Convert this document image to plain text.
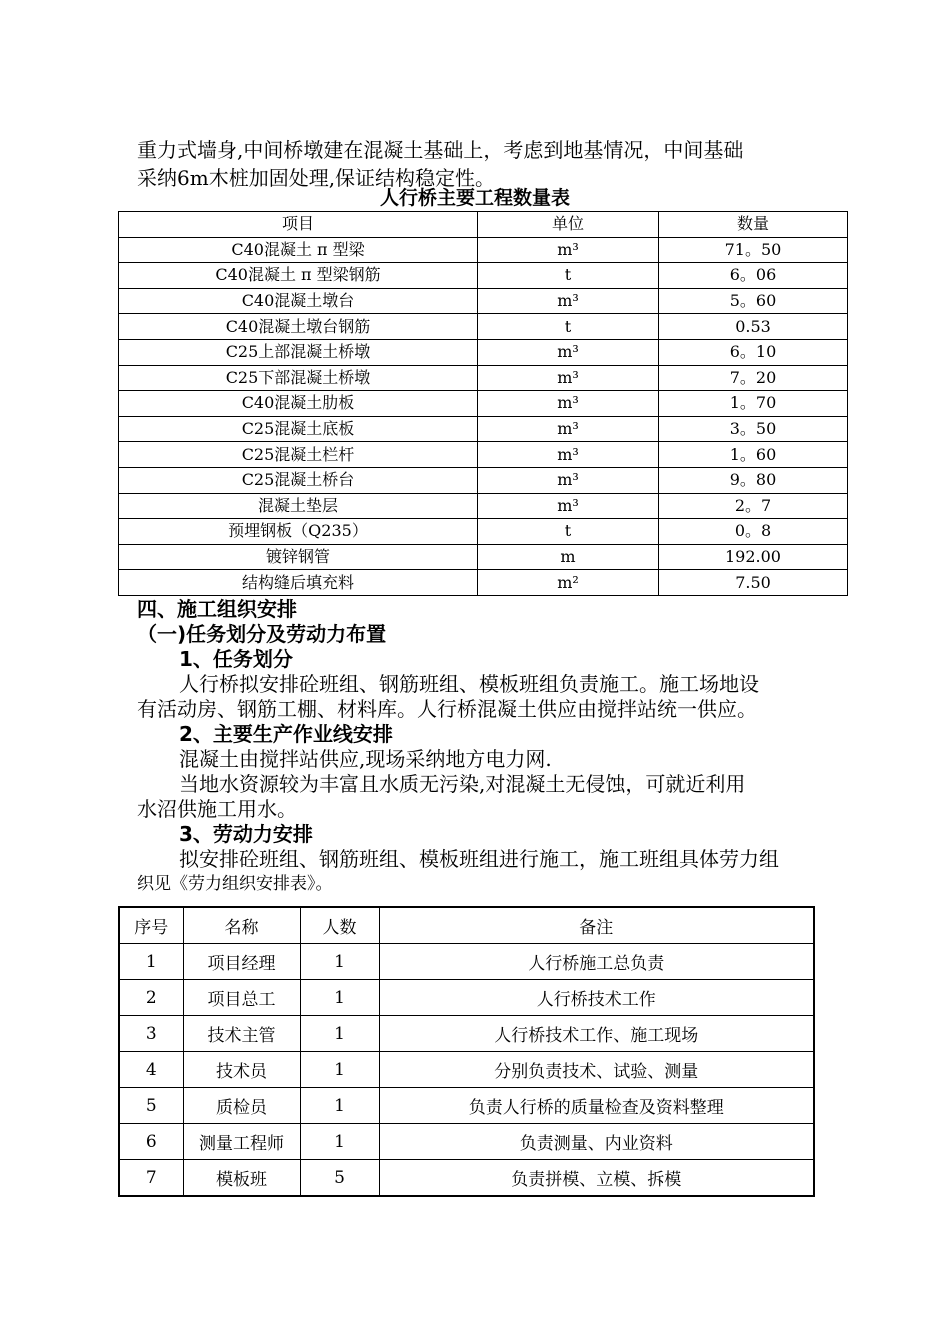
重力式墙身,中间桥墩建在混凝土基础上，考虑到地基情况，中间基础

采纳6m木桩加固处理,保证结构稳定性。

人行桥主要工程数量表
项目	单位	数量
C40混凝土 π 型梁	m³	71。50
C40混凝土 π 型梁钢筋	t	6。06
C40混凝土墩台	m³	5。60
C40混凝土墩台钢筋	t	0.53
C25上部混凝土桥墩	m³	6。10
C25下部混凝土桥墩	m³	7。20
C40混凝土肋板	m³	1。70
C25混凝土底板	m³	3。50
C25混凝土栏杆	m³	1。60
C25混凝土桥台	m³	9。80
混凝土垫层	m³	2。7
预埋钢板（Q235）	t	0。8
镀锌钢管	m	192.00
结构缝后填充料	m²	7.50

四、施工组织安排

（一)任务划分及劳动力布置

1、任务划分

人行桥拟安排砼班组、钢筋班组、模板班组负责施工。施工场地设

有活动房、钢筋工棚、材料库。人行桥混凝土供应由搅拌站统一供应。

2、主要生产作业线安排

混凝土由搅拌站供应,现场采纳地方电力网.

当地水资源较为丰富且水质无污染,对混凝土无侵蚀，可就近利用

水沼供施工用水。

3、劳动力安排

拟安排砼班组、钢筋班组、模板班组进行施工，施工班组具体劳力组

织见《劳力组织安排表》。

序号	名称	人数	备注
1	项目经理	1	人行桥施工总负责
2	项目总工	1	人行桥技术工作
3	技术主管	1	人行桥技术工作、施工现场
4	技术员	1	分别负责技术、试验、测量
5	质检员	1	负责人行桥的质量检查及资料整理
6	测量工程师	1	负责测量、内业资料
7	模板班	5	负责拼模、立模、拆模
